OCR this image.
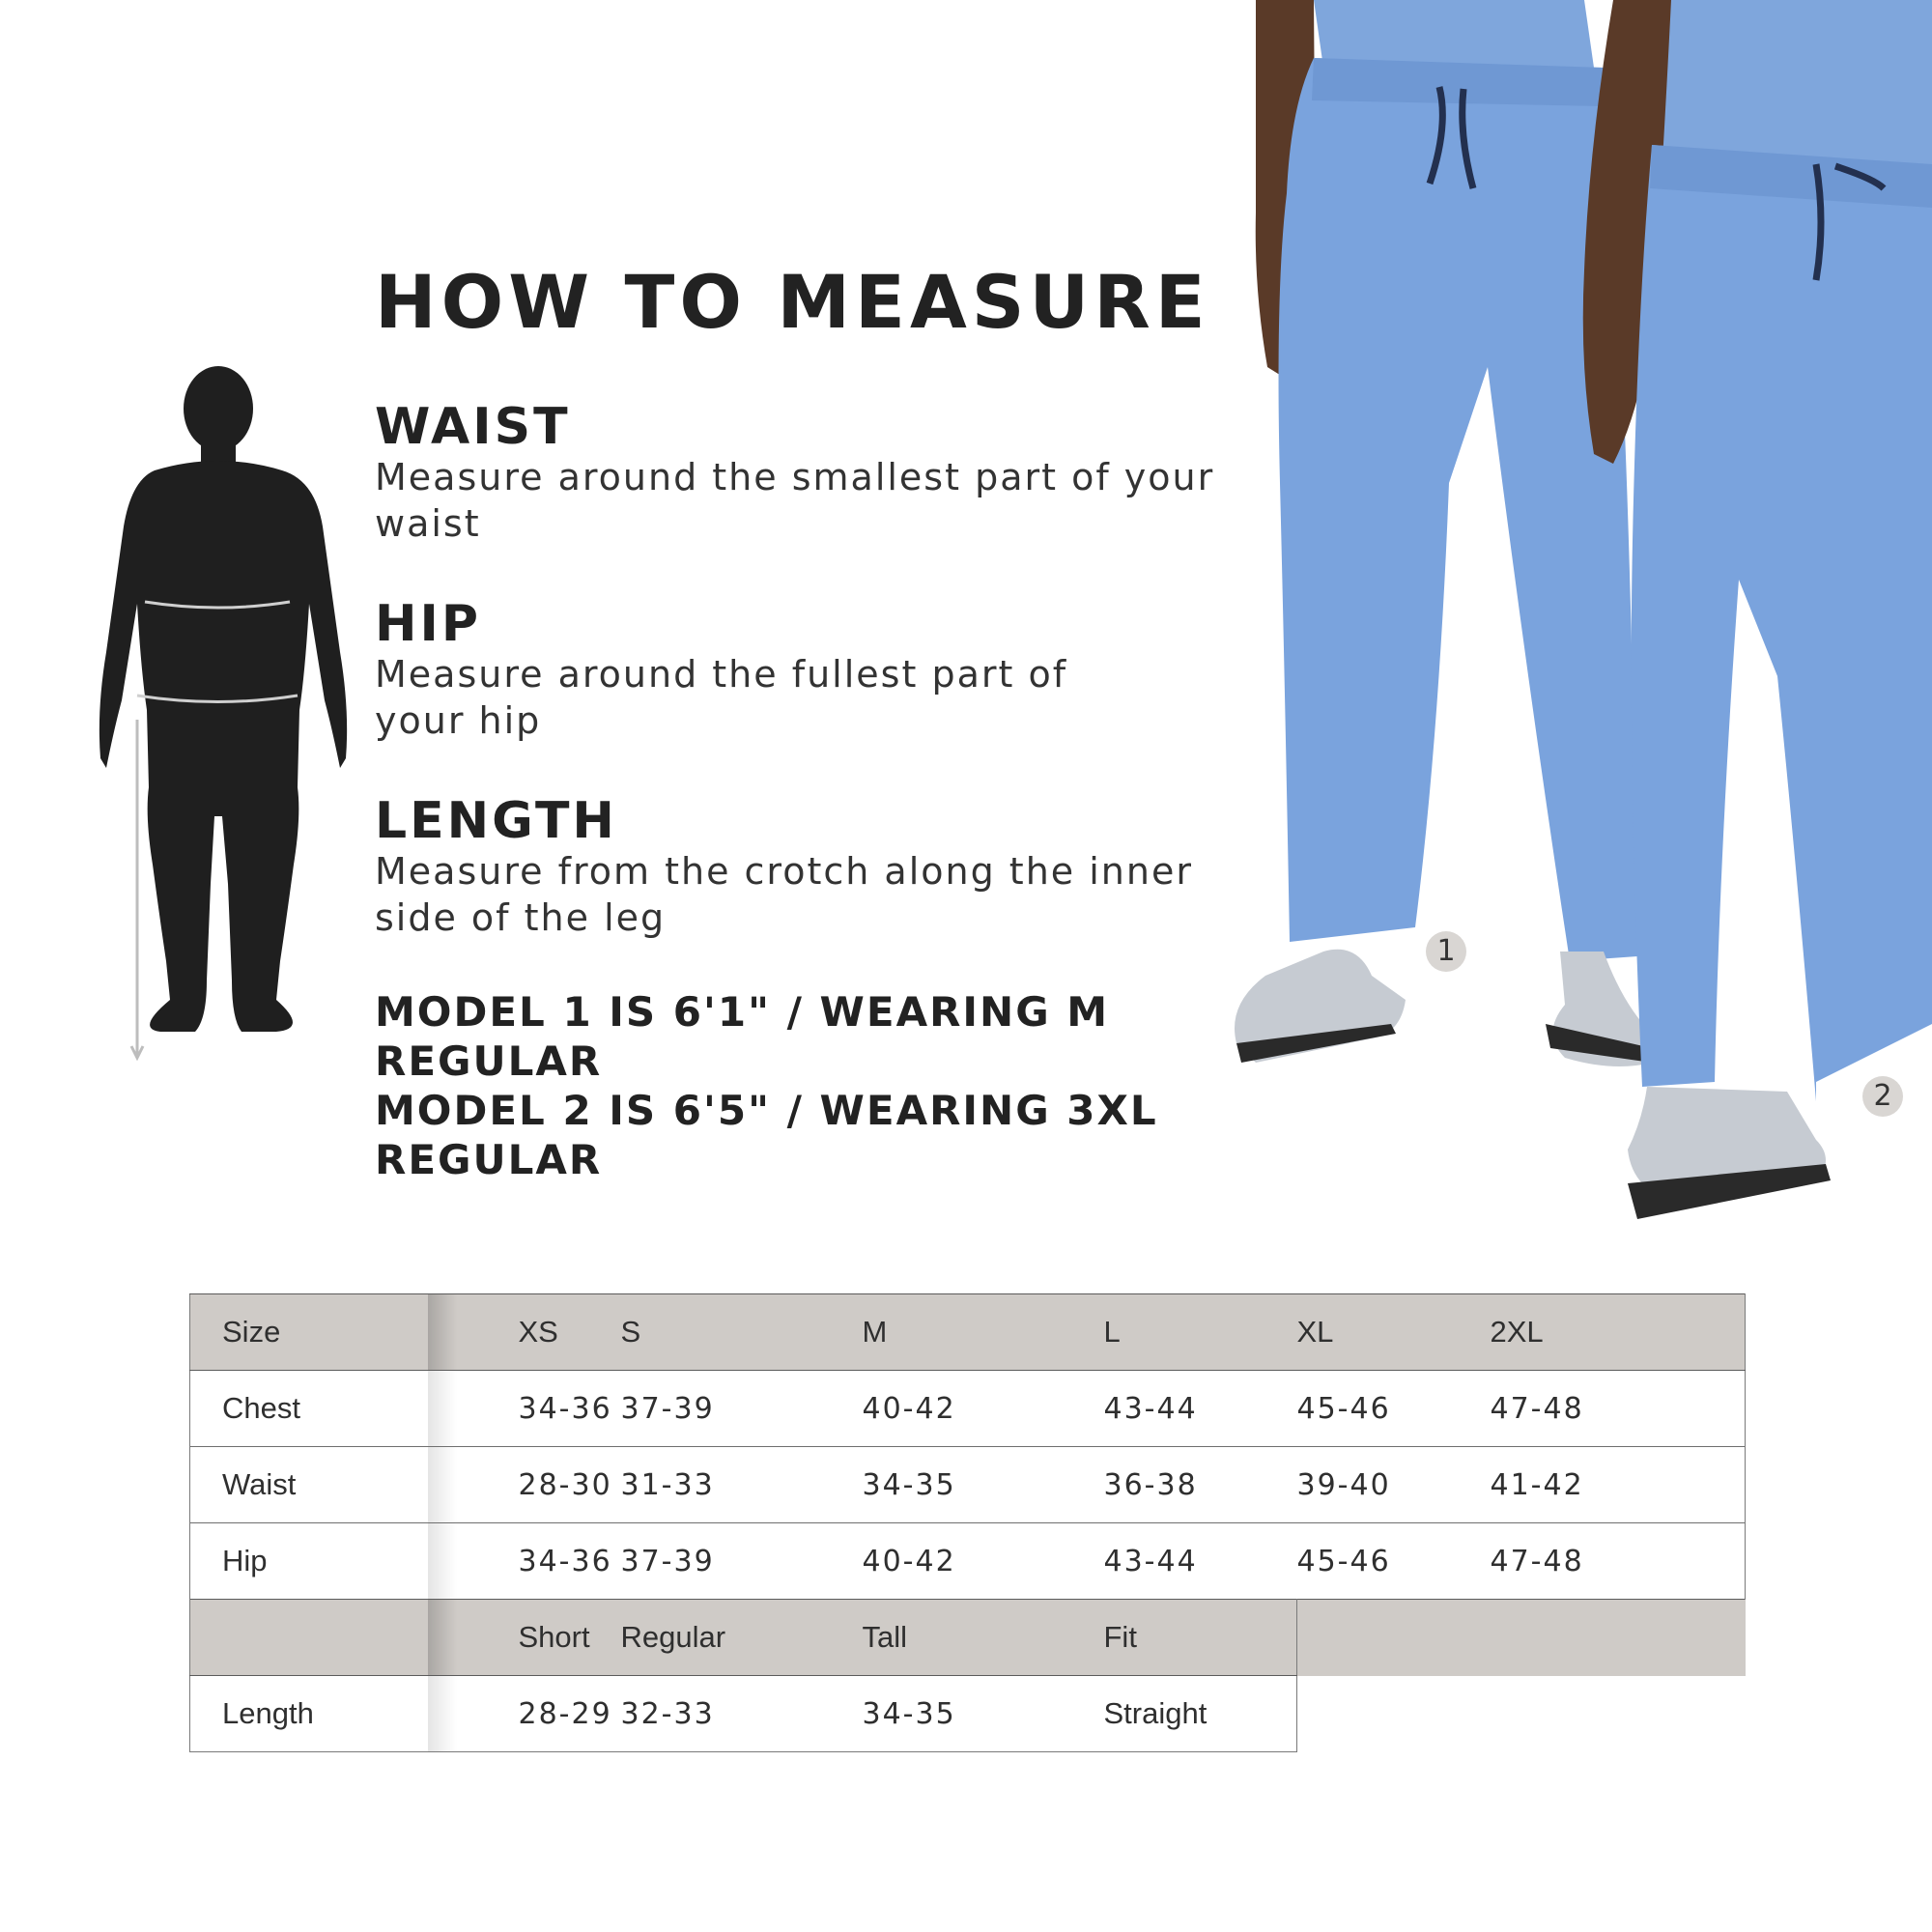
HOW TO MEASURE
WAIST

Measure around the smallest part of your waist

HIP

Measure around the fullest part of your hip

LENGTH

Measure from the crotch along the inner side of the leg

MODEL 1 IS 6'1" / WEARING M REGULAR

MODEL 2 IS 6'5" / WEARING 3XL REGULAR

1
2
Size	XS	S	M	L	XL	2XL
Chest	34-36	37-39	40-42	43-44	45-46	47-48
Waist	28-30	31-33	34-35	36-38	39-40	41-42
Hip	34-36	37-39	40-42	43-44	45-46	47-48
	Short	Regular	Tall	Fit		
Length	28-29	32-33	34-35	Straight		
